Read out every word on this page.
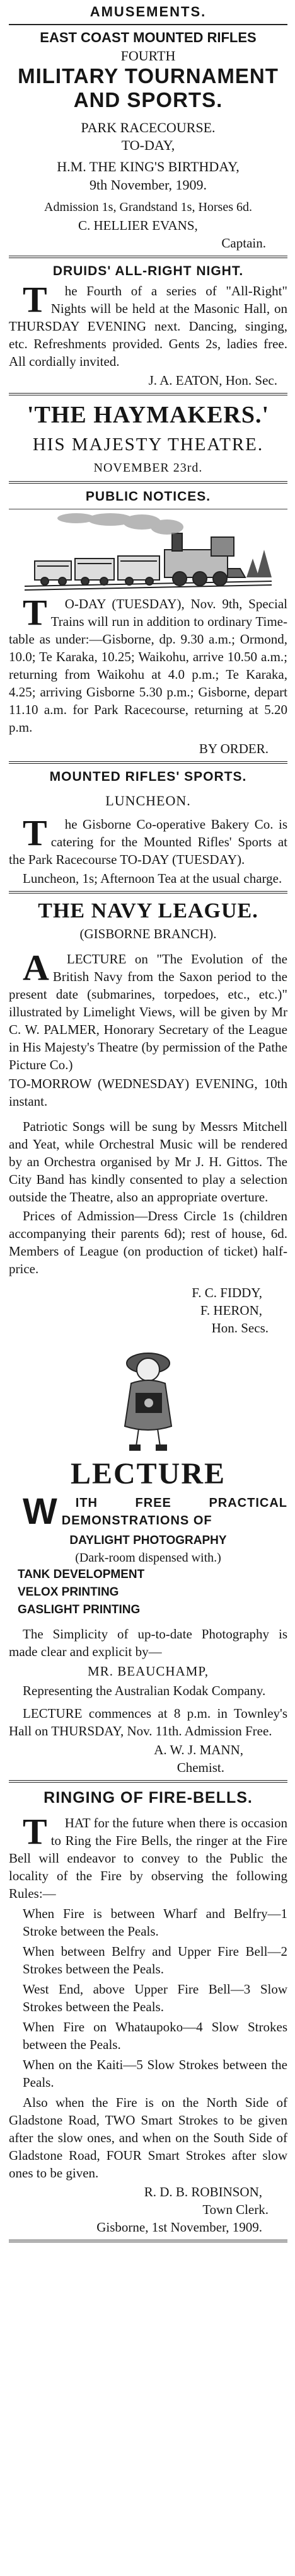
AMUSEMENTS.
EAST COAST MOUNTED RIFLES
FOURTH
MILITARY TOURNAMENT
AND SPORTS.
PARK RACECOURSE.
TO-DAY,
H.M. THE KING'S BIRTHDAY,
9th November, 1909.
Admission 1s, Grandstand 1s, Horses 6d.
C. HELLIER EVANS,
Captain.
DRUIDS' ALL-RIGHT NIGHT.
The Fourth of a series of "All-Right" Nights will be held at the Masonic Hall, on THURSDAY EVENING next. Dancing, singing, etc. Refreshments provided. Gents 2s, ladies free. All cordially invited.
J. A. EATON, Hon. Sec.
'THE HAYMAKERS.'
HIS MAJESTY THEATRE.
NOVEMBER 23rd.
PUBLIC NOTICES.
TO-DAY (TUESDAY), Nov. 9th, Special Trains will run in addition to ordinary Time-table as under:—Gisborne, dp. 9.30 a.m.; Ormond, 10.0; Te Karaka, 10.25; Waikohu, arrive 10.50 a.m.; returning from Waikohu at 4.0 p.m.; Te Karaka, 4.25; arriving Gisborne 5.30 p.m.; Gisborne, depart 11.10 a.m. for Park Racecourse, returning at 5.20 p.m.
BY ORDER.
MOUNTED RIFLES' SPORTS.
LUNCHEON.
The Gisborne Co-operative Bakery Co. is catering for the Mounted Rifles' Sports at the Park Racecourse TO-DAY (TUESDAY).
Luncheon, 1s; Afternoon Tea at the usual charge.
THE NAVY LEAGUE.
(GISBORNE BRANCH).
ALECTURE on "The Evolution of the British Navy from the Saxon period to the present date (submarines, torpedoes, etc., etc.)" illustrated by Limelight Views, will be given by Mr C. W. PALMER, Honorary Secretary of the League in His Majesty's Theatre (by permission of the Pathe Picture Co.)
TO-MORROW (WEDNESDAY) EVENING, 10th instant.
Patriotic Songs will be sung by Messrs Mitchell and Yeat, while Orchestral Music will be rendered by an Orchestra organised by Mr J. H. Gittos. The City Band has kindly consented to play a selection outside the Theatre, also an appropriate overture.
Prices of Admission—Dress Circle 1s (children accompanying their parents 6d); rest of house, 6d. Members of League (on production of ticket) half-price.
F. C. FIDDY,
F. HERON,
Hon. Secs.
LECTURE
WITH FREE PRACTICAL DEMONSTRATIONS OF
DAYLIGHT PHOTOGRAPHY
(Dark-room dispensed with.)
TANK DEVELOPMENT
VELOX PRINTING
GASLIGHT PRINTING
The Simplicity of up-to-date Photography is made clear and explicit by—
MR. BEAUCHAMP,
Representing the Australian Kodak Company.
LECTURE commences at 8 p.m. in Townley's Hall on THURSDAY, Nov. 11th. Admission Free.
A. W. J. MANN,
Chemist.
RINGING OF FIRE-BELLS.
THAT for the future when there is occasion to Ring the Fire Bells, the ringer at the Fire Bell will endeavor to convey to the Public the locality of the Fire by observing the following Rules:—
When Fire is between Wharf and Belfry—1 Stroke between the Peals.
When between Belfry and Upper Fire Bell—2 Strokes between the Peals.
West End, above Upper Fire Bell—3 Slow Strokes between the Peals.
When Fire on Whataupoko—4 Slow Strokes between the Peals.
When on the Kaiti—5 Slow Strokes between the Peals.
Also when the Fire is on the North Side of Gladstone Road, TWO Smart Strokes to be given after the slow ones, and when on the South Side of Gladstone Road, FOUR Smart Strokes after slow ones to be given.
R. D. B. ROBINSON,
Town Clerk.
Gisborne, 1st November, 1909.
